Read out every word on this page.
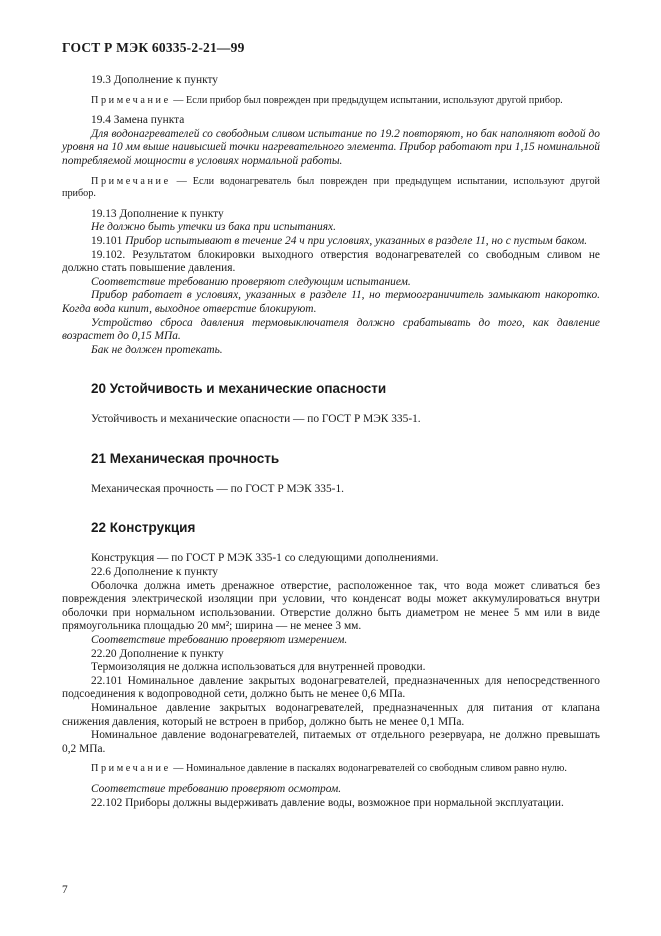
ГОСТ Р МЭК 60335-2-21—99

19.3 Дополнение к пункту

Примечание — Если прибор был поврежден при предыдущем испытании, используют другой прибор.

19.4 Замена пункта

Для водонагревателей со свободным сливом испытание по 19.2 повторяют, но бак наполняют водой до уровня на 10 мм выше наивысшей точки нагревательного элемента. Прибор работают при 1,15 номинальной потребляемой мощности в условиях нормальной работы.

Примечание — Если водонагреватель был поврежден при предыдущем испытании, используют другой прибор.

19.13 Дополнение к пункту

Не должно быть утечки из бака при испытаниях.

19.101 Прибор испытывают в течение 24 ч при условиях, указанных в разделе 11, но с пустым баком.

19.102. Результатом блокировки выходного отверстия водонагревателей со свободным сливом не должно стать повышение давления.

Соответствие требованию проверяют следующим испытанием.

Прибор работает в условиях, указанных в разделе 11, но термоограничитель замыкают накоротко. Когда вода кипит, выходное отверстие блокируют.

Устройство сброса давления термовыключателя должно срабатывать до того, как давление возрастет до 0,15 МПа.

Бак не должен протекать.

20 Устойчивость и механические опасности

Устойчивость и механические опасности — по ГОСТ Р МЭК 335-1.

21 Механическая прочность

Механическая прочность — по ГОСТ Р МЭК 335-1.

22 Конструкция

Конструкция — по ГОСТ Р МЭК 335-1 со следующими дополнениями.

22.6 Дополнение к пункту

Оболочка должна иметь дренажное отверстие, расположенное так, что вода может сливаться без повреждения электрической изоляции при условии, что конденсат воды может аккумулироваться внутри оболочки при нормальном использовании. Отверстие должно быть диаметром не менее 5 мм или в виде прямоугольника площадью 20 мм²; ширина — не менее 3 мм.

Соответствие требованию проверяют измерением.

22.20 Дополнение к пункту

Термоизоляция не должна использоваться для внутренней проводки.

22.101 Номинальное давление закрытых водонагревателей, предназначенных для непосредственного подсоединения к водопроводной сети, должно быть не менее 0,6 МПа.

Номинальное давление закрытых водонагревателей, предназначенных для питания от клапана снижения давления, который не встроен в прибор, должно быть не менее 0,1 МПа.

Номинальное давление водонагревателей, питаемых от отдельного резервуара, не должно превышать 0,2 МПа.

Примечание — Номинальное давление в паскалях водонагревателей со свободным сливом равно нулю.

Соответствие требованию проверяют осмотром.

22.102 Приборы должны выдерживать давление воды, возможное при нормальной эксплуатации.

7
